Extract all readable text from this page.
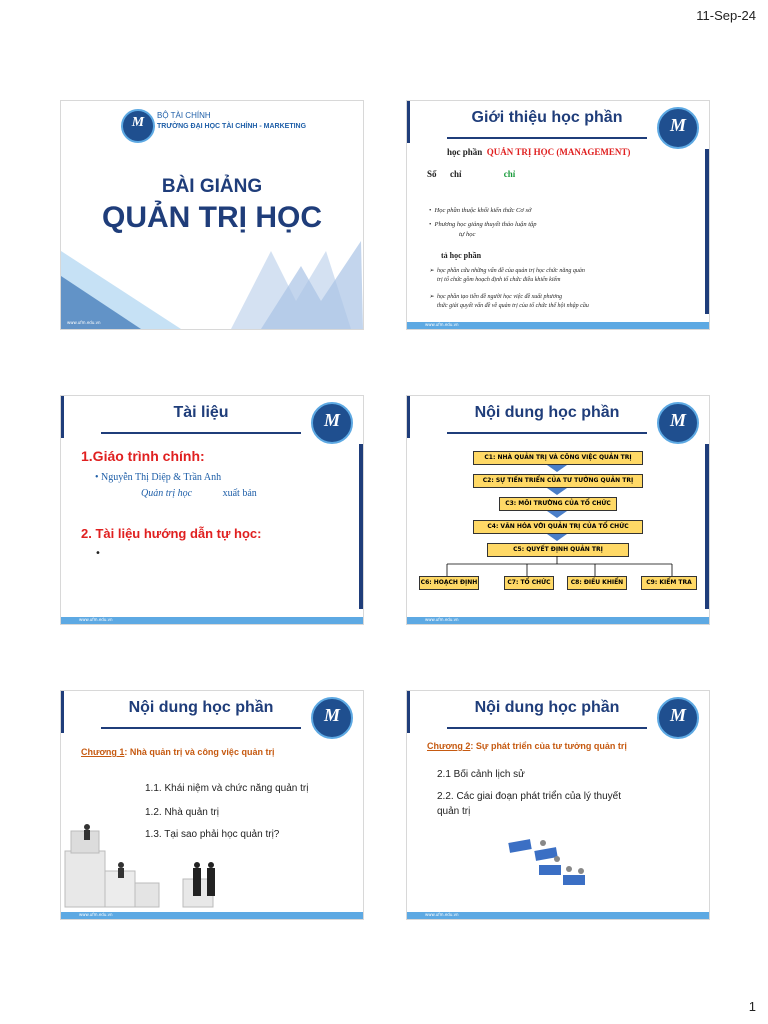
11-Sep-24
M	BỘ TÀI CHÍNH
TRƯỜNG ĐẠI HỌC TÀI CHÍNH - MARKETING
BÀI GIẢNG
QUẢN TRỊ HỌC
www.ufm.edu.vn
Giới thiệu học phần	M
học phần QUẢN TRỊ HỌC (MANAGEMENT)
Số chỉ	chỉ
•  Học phần thuộc khối kiến thức Cơ sở
•  Phương học giảng thuyết thảo luận tập
tự học
tả học phần
➢  học phần cứu những vấn đề của quản trị học chức năng quản
trị tổ chức gồm hoạch định tổ chức điều khiển kiểm
➢  học phần tạo tiền đề người học việc đề xuất phương
thức giải quyết vấn đề về quản trị của tổ chức thế hội nhập cầu
www.ufm.edu.vn
Tài liệu	M
1.Giáo trình chính:
• Nguyễn Thị Diệp & Trần Anh
Quản trị học	xuất bản
2. Tài liệu hướng dẫn tự học:
•
www.ufm.edu.vn
Nội dung học phần	M
C1: NHÀ QUẢN TRỊ VÀ CÔNG VIỆC QUẢN TRỊ
C2: SỰ TIẾN TRIỂN CỦA TƯ TƯỞNG QUẢN TRỊ
C3: MÔI TRƯỜNG CỦA TỔ CHỨC
C4: VĂN HÓA VỚI QUẢN TRỊ CỦA TỔ CHỨC
C5: QUYẾT ĐỊNH QUẢN TRỊ
C6: HOẠCH ĐỊNH	C7: TỔ CHỨC	C8: ĐIỀU KHIỂN	C9: KIỂM TRA
www.ufm.edu.vn
Nội dung học phần	M
Chương 1: Nhà quản trị và công việc quản trị
1.1. Khái niệm và chức năng quản trị
1.2. Nhà quản trị
1.3. Tại sao phải học quản trị?
www.ufm.edu.vn
Nội dung học phần	M
Chương 2: Sự phát triển của tư tưởng quản trị
2.1 Bối cảnh lịch sử
2.2. Các giai đoạn phát triển của lý thuyết
quản trị
www.ufm.edu.vn
1
